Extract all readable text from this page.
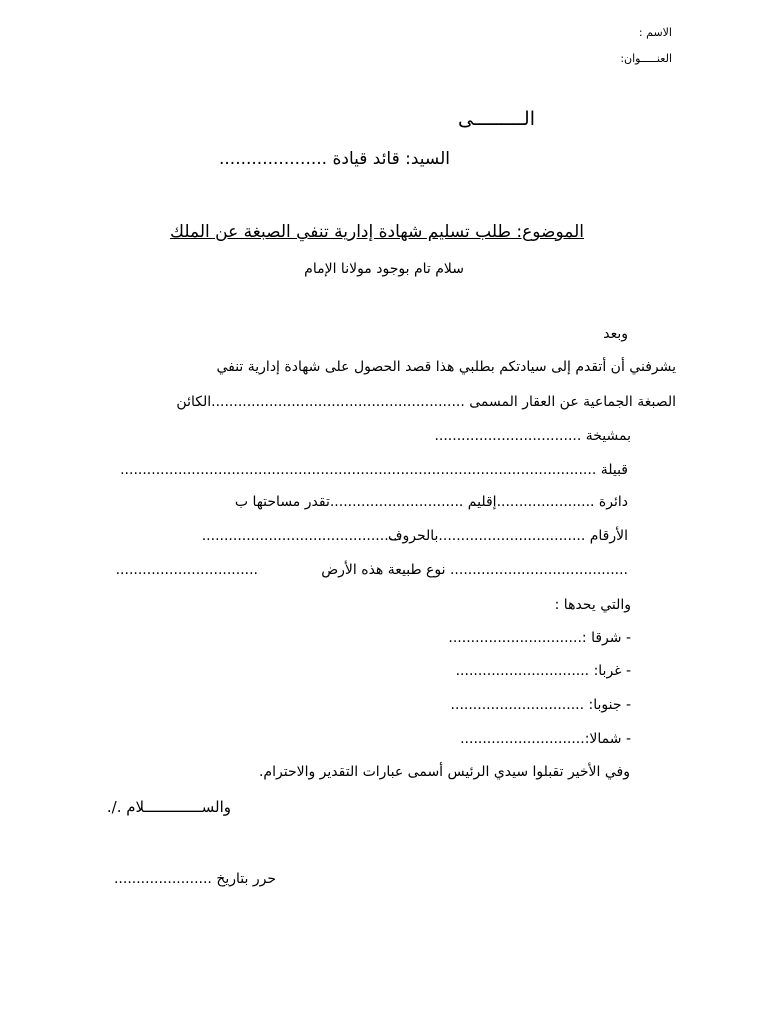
الاسم :
العنـــــوان:
الـــــــــى
السيد: قائد قيادة ....................
الموضوع: طلب تسليم شهادة إدارية تنفي الصبغة عن الملك
سلام تام بوجود مولانا الإمام
وبعد
يشرفني أن أتقدم إلى سيادتكم بطلبي هذا قصد الحصول على شهادة إدارية تنفي
الصبغة الجماعية عن العقار المسمى .........................................................الكائن
بمشيخة .................................
قبيلة ...........................................................................................................
دائرة ......................إقليم ..............................تقدر مساحتها ب
الأرقام .................................بالحروف
.............................................
........................................ نوع طبيعة هذه الأرض
................................
والتي يحدها :
- شرقا :..............................
- غربا: ..............................
- جنوبا: ..............................
- شمالا:............................
وفي الأخير تقبلوا سيدي الرئيس أسمى عبارات التقدير والاحترام.
والســـــــــــــلام ./.
حرر بتاريخ ......................
